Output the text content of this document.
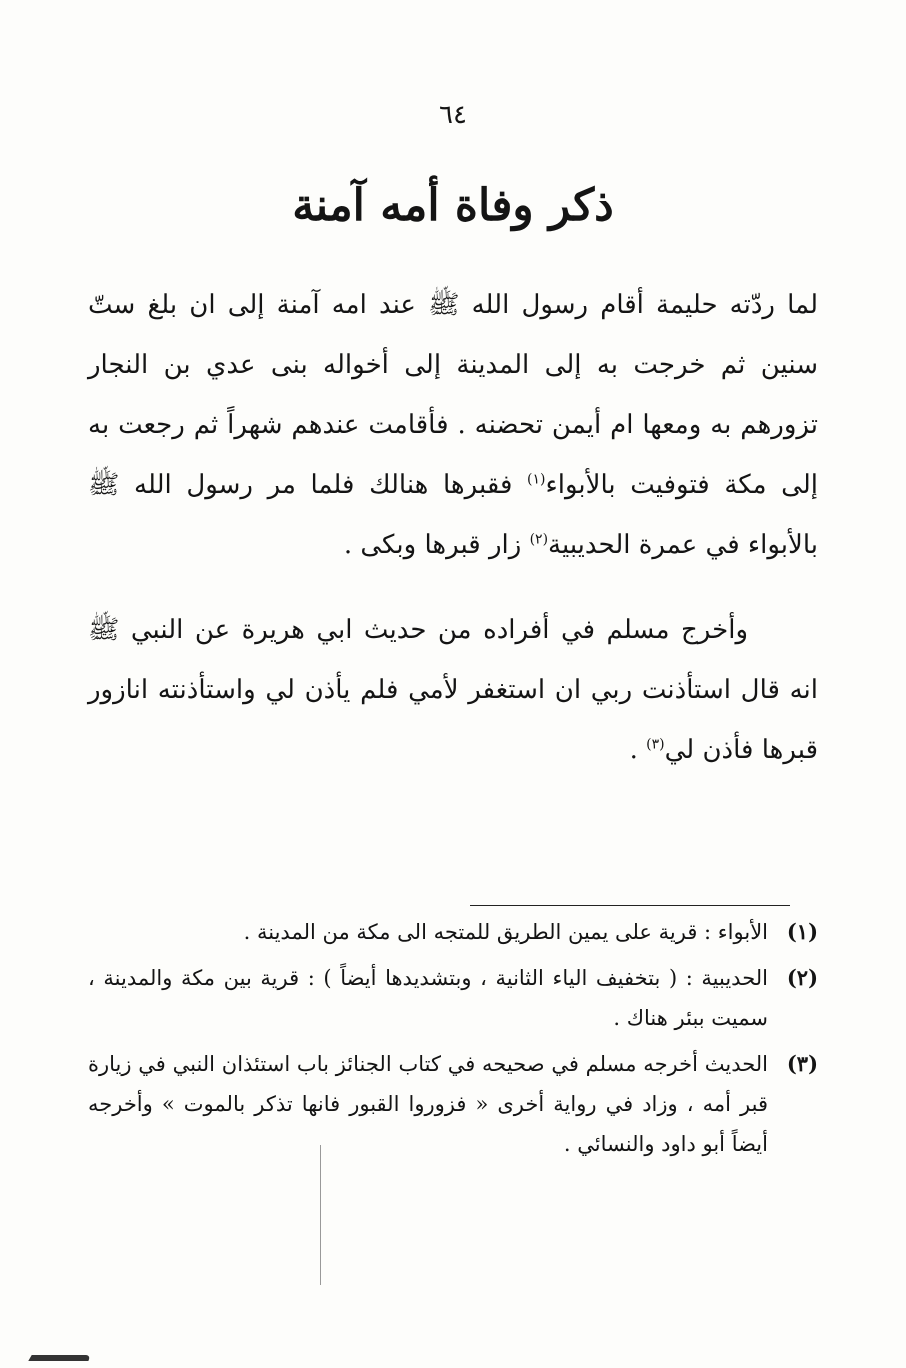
٦٤
ذكر وفاة أمه آمنة
لما ردّته حليمة أقام رسول الله ﷺ عند امه آمنة إلى ان بلغ ستّ سنين ثم خرجت به إلى المدينة إلى أخواله بنى عدي بن النجار تزورهم به ومعها ام أيمن تحضنه . فأقامت عندهم شهراً ثم رجعت به إلى مكة فتوفيت بالأبواء$^{(١)}$ فقبرها هنالك فلما مر رسول الله ﷺ بالأبواء في عمرة الحديبية$^{(٢)}$ زار قبرها وبكى .
وأخرج مسلم في أفراده من حديث ابي هريرة عن النبي ﷺ انه قال استأذنت ربي ان استغفر لأمي فلم يأذن لي واستأذنته انازور قبرها فأذن لي$^{(٣)}$ .
(١)
الأبواء : قرية على يمين الطريق للمتجه الى مكة من المدينة .
(٢)
الحديبية : ( بتخفيف الياء الثانية ، وبتشديدها أيضاً ) : قرية بين مكة والمدينة ، سميت ببئر هناك .
(٣)
الحديث أخرجه مسلم في صحيحه في كتاب الجنائز باب استئذان النبي في زيارة قبر أمه ، وزاد في رواية أخرى « فزوروا القبور فانها تذكر بالموت » وأخرجه أيضاً أبو داود والنسائي .
